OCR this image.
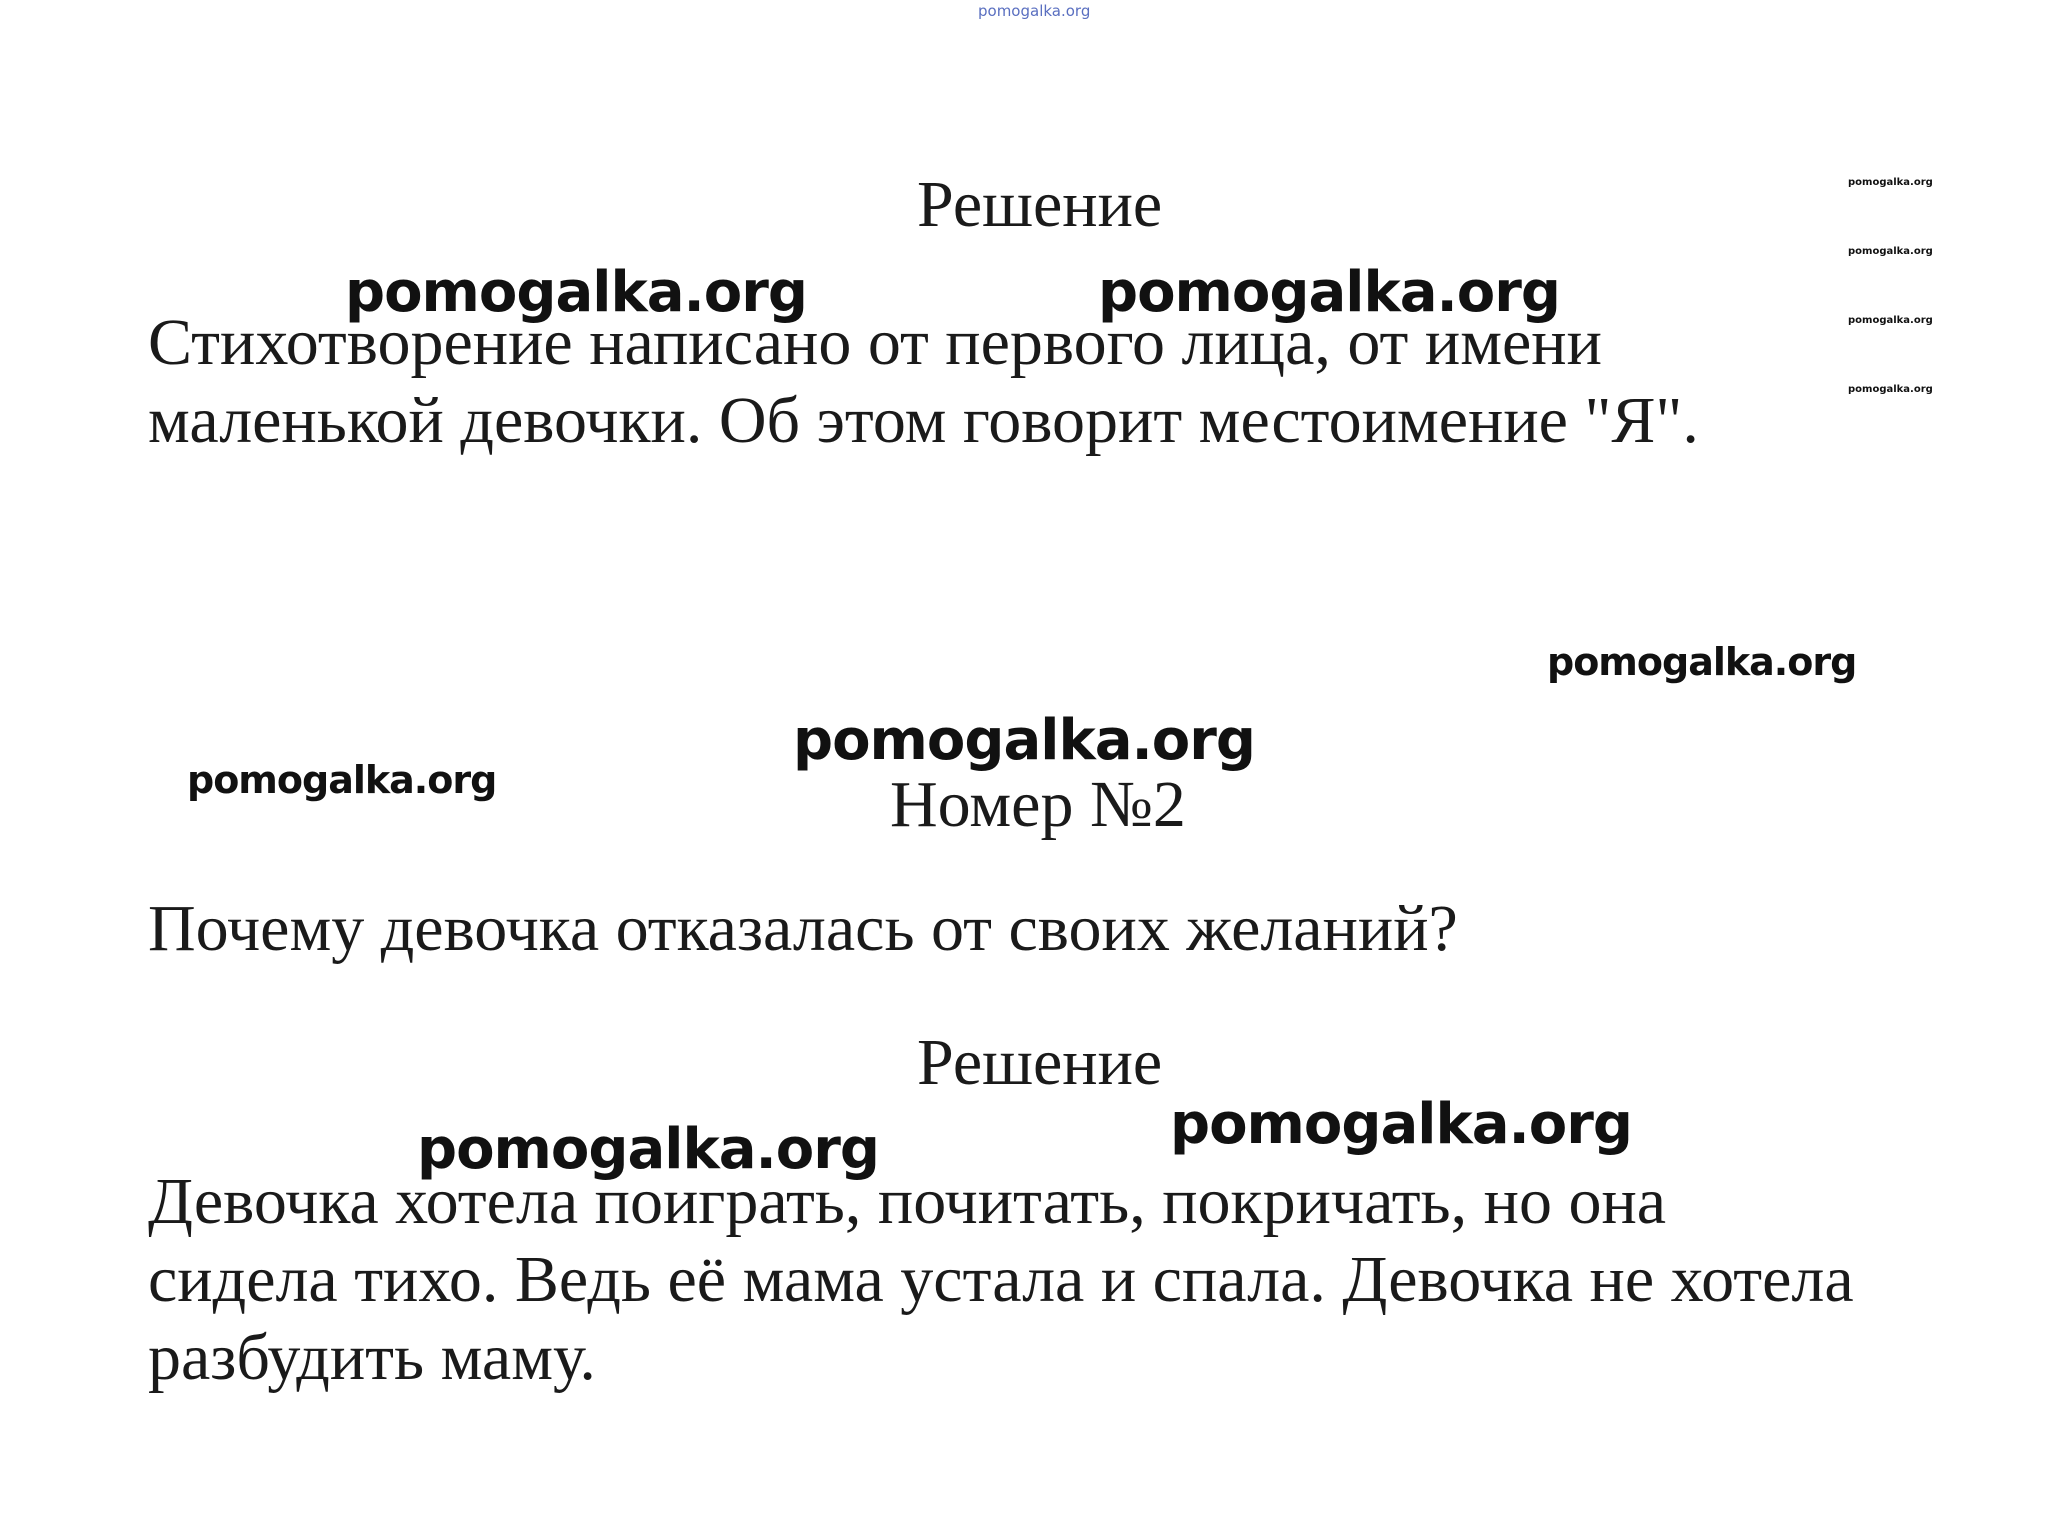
pomogalka.org
pomogalka.org
pomogalka.org
pomogalka.org
pomogalka.org
Решение
Стихотворение написано от первого лица, от имени
маленькой девочки. Об этом говорит местоимение "Я".
pomogalka.org	pomogalka.org
pomogalka.org
pomogalka.org
pomogalka.org
Номер №2
Почему девочка отказалась от своих желаний?
Решение
pomogalka.org
Девочка хотела поиграть, почитать, покричать, но она
сидела тихо. Ведь её мама устала и спала. Девочка не хотела
разбудить маму.
pomogalka.org
